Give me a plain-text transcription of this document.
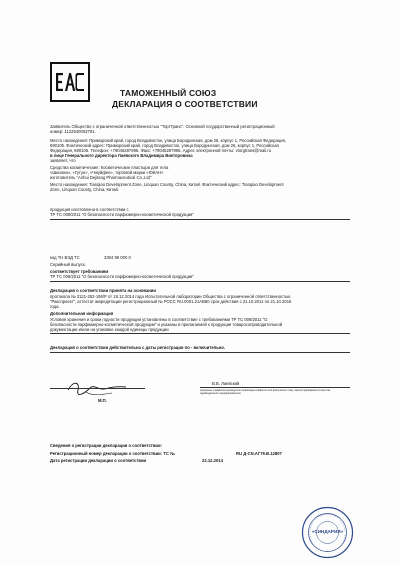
ТАМОЖЕННЫЙ СОЮЗ
ДЕКЛАРАЦИЯ О СООТВЕТСТВИИ
Заявитель Общество с ограниченной ответственностью "ТоргТранс". Основной государственный регистрационный
номер: 1122540003791.
Место нахождения: Приморский край, город Владивосток, улица Бородинская, дом 26, корпус 1, Российская Федерация,
690105. Фактический адрес: Приморский край, город Владивосток, улица Бородинская, дом 26, корпус 1, Российская
Федерация, 690105. Телефон: +79046287995. Факс: +79046287995. Адрес электронной почты: vtorgtrans@mail.ru
в лице Генерального директора Лаевского Владимира Викторовича
заявляет, что
Средства косметические: Косметические пластыри для тела
«Шиолиа», «Гутун», «Чжуйфен», торговой марки «ЮКАН»
изготовитель "Anhui Dejitang Pharmaceutical Co.,Ltd"
Место нахождения: Tianqiao Development Zone, Linquan County, China, Китай. Фактический адрес: Tianqiao Development
Zone, Linquan County, China, Китай.
продукция изготовлена в соответствии с
ТР ТС 009/2011 "О безопасности парфюмерно-косметической продукции"
код ТН ВЭД ТС	3304 99 000 0
Серийный выпуск.
соответствует требованиям
ТР ТС 009/2011 "О безопасности парфюмерно-косметической продукции"
Декларация о соответствии принята на основании
протокола № 3121-252-196/Р от 18.12.2014 года Испытательной лаборатории Общества с ограниченной ответственностью
"Ракспроект", аттестат аккредитации регистрационный № РОСС RU.0001.21АВ80 срок действия с 21.10.2011 по 21.10.2016
года.
Дополнительная информация
Условия хранения и сроки годности продукции установлены в соответствие с требованиями ТР ТС 009/2011 "О
безопасности парфюмерно-косметической продукции" и указаны в прилагаемой к продукции товаросопроводительной
документации и/или на упаковке каждой единицы продукции
Декларация о соответствии действительна с даты регистрации по - включительно.
В.В. Лаевский
(инициалы и фамилия руководителя организации-заявителя или физического лица, зарегистрированного в качестве индивидуального предпринимателя)
М.П.
Сведения о регистрации декларации о соответствии:
Регистрационный номер декларации о соответствии: ТС №	RU Д-CN.AГ79.B.12807
Дата регистрации декларации о соответствии	22.12.2014
«СИНДАРИЯ»
